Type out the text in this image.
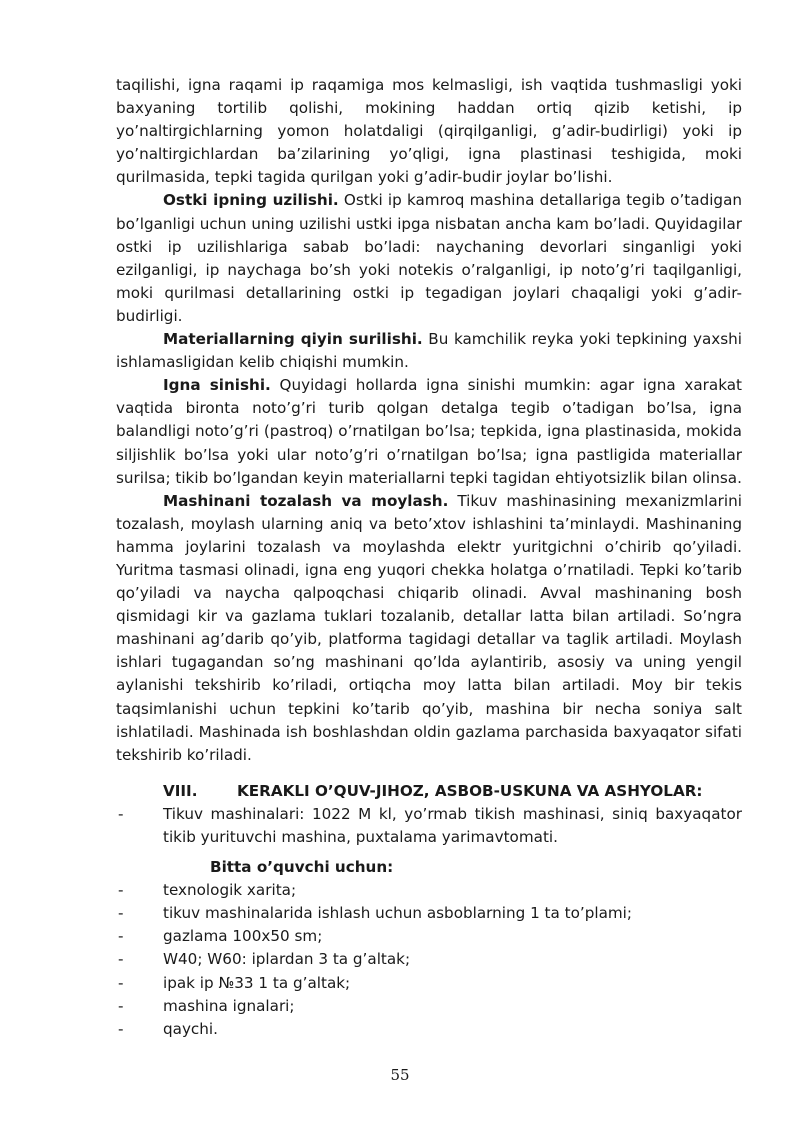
taqilishi, igna raqami ip raqamiga mos kelmasligi, ish vaqtida tushmasligi yoki baxyaning tortilib qolishi, mokining haddan ortiq qizib ketishi, ip yo’naltirgichlarning yomon holatdaligi (qirqilganligi, g’adir-budirligi) yoki ip yo’naltirgichlardan ba’zilarining yo’qligi, igna plastinasi teshigida, moki qurilmasida, tepki tagida qurilgan yoki g’adir-budir joylar bo’lishi.

Ostki ipning uzilishi. Ostki ip kamroq mashina detallariga tegib o’tadigan bo’lganligi uchun uning uzilishi ustki ipga nisbatan ancha kam bo’ladi. Quyidagilar ostki ip uzilishlariga sabab bo’ladi: naychaning devorlari singanligi yoki ezilganligi, ip naychaga bo’sh yoki notekis o’ralganligi, ip noto’g’ri taqilganligi, moki qurilmasi detallarining ostki ip tegadigan joylari chaqaligi yoki g’adir-budirligi.

Materiallarning qiyin surilishi. Bu kamchilik reyka yoki tepkining yaxshi ishlamasligidan kelib chiqishi mumkin.

Igna sinishi. Quyidagi hollarda igna sinishi mumkin: agar igna xarakat vaqtida bironta noto’g’ri turib qolgan detalga tegib o’tadigan bo’lsa, igna balandligi noto’g’ri (pastroq) o’rnatilgan bo’lsa; tepkida, igna plastinasida, mokida siljishlik bo’lsa yoki ular noto’g’ri o’rnatilgan bo’lsa; igna pastligida materiallar surilsa; tikib bo’lgandan keyin materiallarni tepki tagidan ehtiyotsizlik bilan olinsa.

Mashinani tozalash va moylash. Tikuv mashinasining mexanizmlarini tozalash, moylash ularning aniq va beto’xtov ishlashini ta’minlaydi. Mashinaning hamma joylarini tozalash va moylashda elektr yuritgichni o’chirib qo’yiladi. Yuritma tasmasi olinadi, igna eng yuqori chekka holatga o’rnatiladi. Tepki ko’tarib qo’yiladi va naycha qalpoqchasi chiqarib olinadi. Avval mashinaning bosh qismidagi kir va gazlama tuklari tozalanib, detallar latta bilan artiladi. So’ngra mashinani ag’darib qo’yib, platforma tagidagi detallar va taglik artiladi. Moylash ishlari tugagandan so’ng mashinani qo’lda aylantirib, asosiy va uning yengil aylanishi tekshirib ko’riladi, ortiqcha moy latta bilan artiladi. Moy bir tekis taqsimlanishi uchun tepkini ko’tarib qo’yib, mashina bir necha soniya salt ishlatiladi. Mashinada ish boshlashdan oldin gazlama parchasida baxyaqator sifati tekshirib ko’riladi.

VIII.	KERAKLI O’QUV-JIHOZ, ASBOB-USKUNA VA ASHYOLAR:
-	Tikuv mashinalari: 1022 M kl, yo’rmab tikish mashinasi, siniq baxyaqator tikib yurituvchi mashina, puxtalama yarimavtomati.
Bitta o’quvchi uchun:
-	texnologik xarita;
-	tikuv mashinalarida ishlash uchun asboblarning 1 ta to’plami;
-	gazlama 100x50 sm;
-	W40; W60: iplardan 3 ta g’altak;
-	ipak ip №33 1 ta g’altak;
-	mashina ignalari;
-	qaychi.
55
